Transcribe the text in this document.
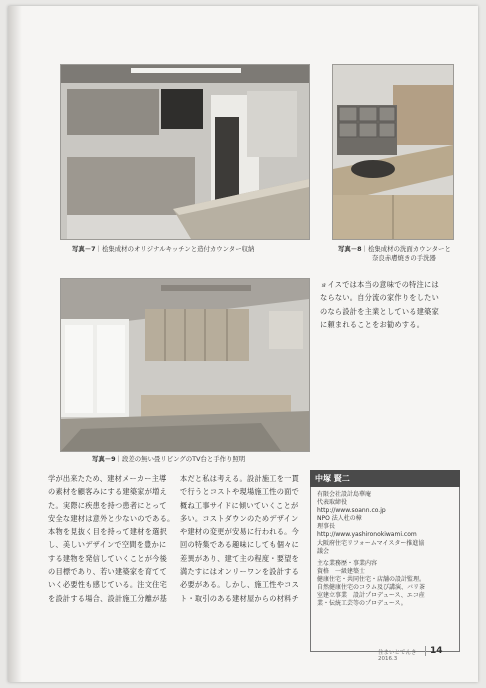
写真－7｜桧集成材のオリジナルキッチンと造付カウンター収納	写真－8｜桧集成材の洗面カウンターと
奈良赤膚焼きの手洗器
写真－9｜段差の無い畳リビングのTV台と手作り照明

ョイスでは本当の意味での特注には

ならない。自分流の家作りをしたい

のなら設計を主業としている建築家

に頼まれることをお勧めする。

学が出来たため、建材メーカー主導

の素材を顧客みにする建築家が増え

た。実際に疾患を持つ患者にとって

安全な建材は意外と少ないのである。

本物を見抜く目を持って建材を選択

し、美しいデザインで空間を豊かに

する建物を発信していくことが今後

の目標であり、若い建築家を育てて

いく必要性も感じている。注文住宅

を設計する場合、設計施工分離が基

本だと私は考える。設計施工を一貫

で行うとコストや現場施工性の面で

概ね工事サイドに傾いていくことが

多い。コストダウンのためデザイン

や建材の変更が安易に行われる。今

回の特集である趣味にしても個々に

差異があり、建て主の程度・要望を

満たすにはオンリーワンを設計する

必要がある。しかし、施工性やコス

ト・取引のある建材屋からの材料チ

中塚 賢二
有限会社設計島華庵
代表取締役
http://www.soann.co.jp
NPO 法人杜の樟
理事長
http://www.yashironokiwami.com
大阪府住宅リフォームマイスター推進協
議会
主な業務歴・事業内容
資格　一級建築士
健康住宅・共同住宅・店舗の設計監理。
自然健康住宅のコラム及び講演、バリ茶
室建立事業　設計プロデュース、エコ産
業・伝統工芸等のプロデュース。
住まいとでんき
2016.3
14
